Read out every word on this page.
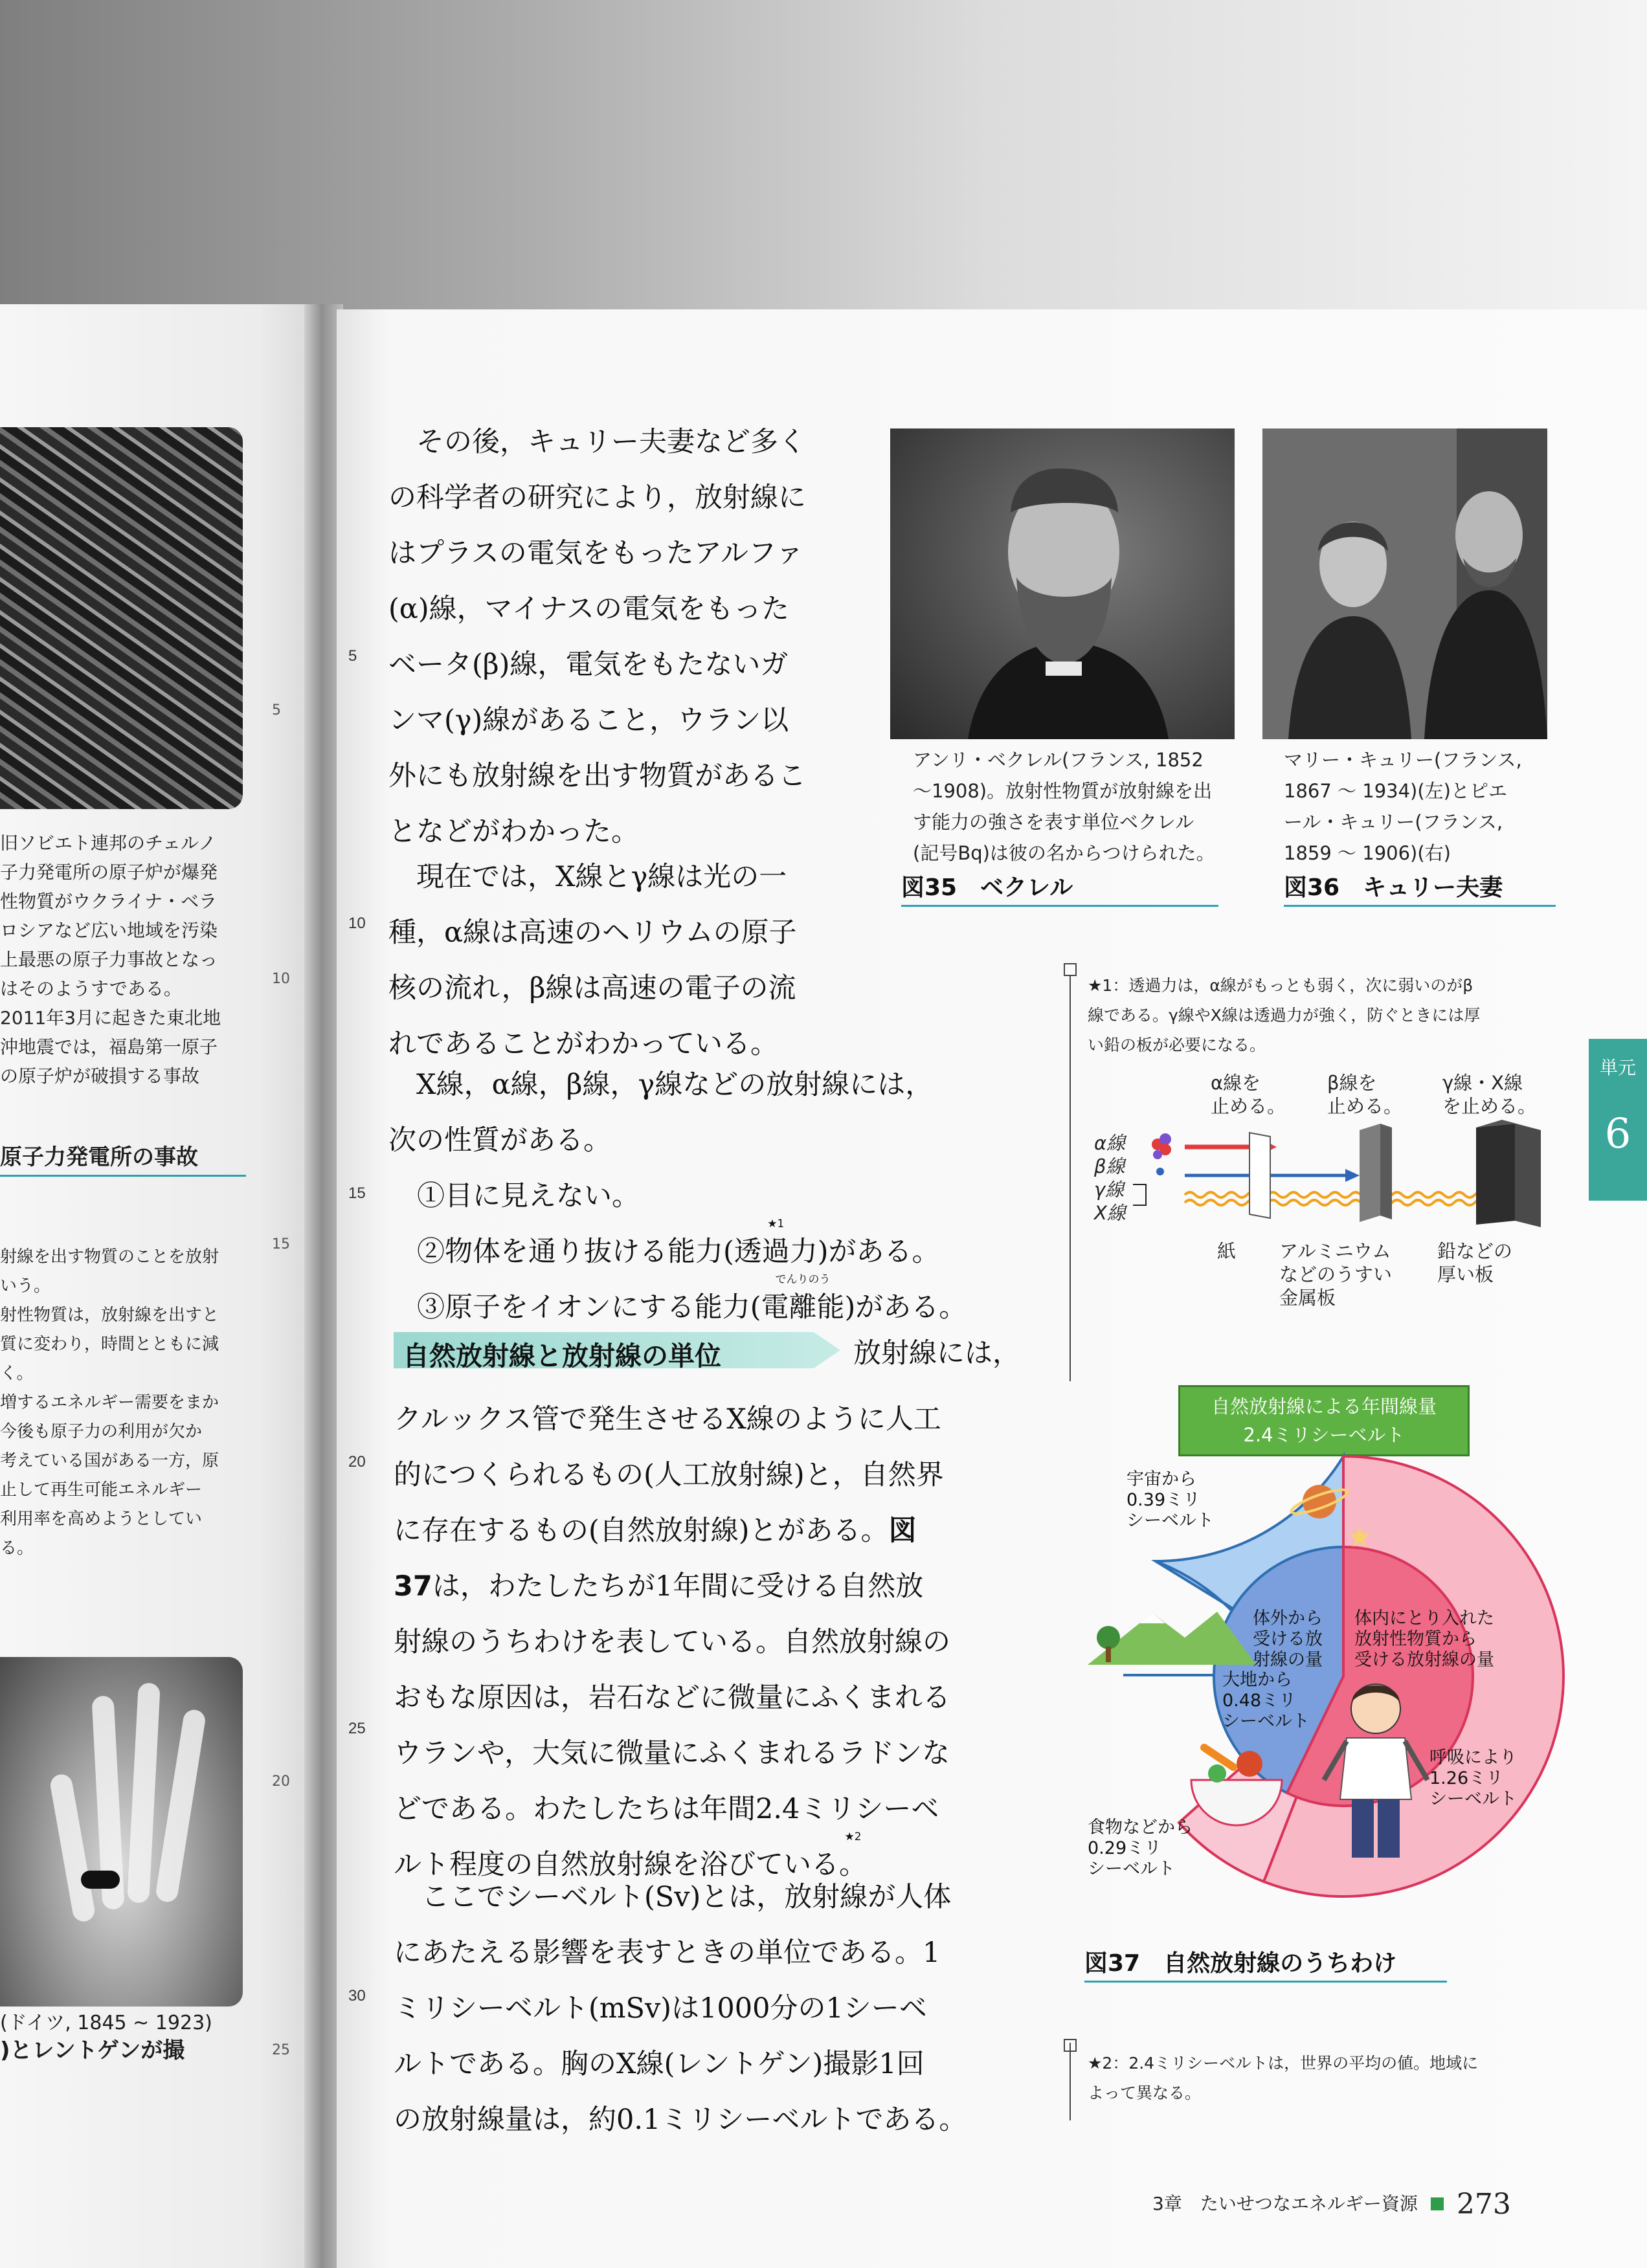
旧ソビエト連邦のチェルノ
子力発電所の原子炉が爆発
性物質がウクライナ・ベラ
ロシアなど広い地域を汚染
上最悪の原子力事故となっ
はそのようすである。
2011年3月に起きた東北地
沖地震では，福島第一原子
の原子炉が破損する事故
原子力発電所の事故
射線を出す物質のことを放射
いう。
射性物質は，放射線を出すと
質に変わり，時間とともに減
く。
増するエネルギー需要をまか
今後も原子力の利用が欠か
考えている国がある一方，原
止して再生可能エネルギー
利用率を高めようとしてい
る。
(ドイツ, 1845 ~ 1923)
)とレントゲンが撮
5
10
15
20
25
5
10
15
20
25
30
　その後，キュリー夫妻など多く
の科学者の研究により，放射線に
はプラスの電気をもったアルファ
(α)線，マイナスの電気をもった
ベータ(β)線，電気をもたないガ
ンマ(γ)線があること，ウラン以
外にも放射線を出す物質があるこ
となどがわかった。
　現在では，X線とγ線は光の一
種，α線は高速のヘリウムの原子
核の流れ，β線は高速の電子の流
れであることがわかっている。
　X線，α線，β線，γ線などの放射線には，
次の性質がある。
①目に見えない。
②物体を通り抜ける能力(
★1
透過力)がある。
③原子をイオンにする能力(
でんりのう
電離能)がある。
自然放射線と放射線の単位	放射線には，
クルックス管で発生させるX線のように人工
的につくられるもの(人工放射線)と，自然界
に存在するもの(自然放射線)とがある。図
37は，わたしたちが1年間に受ける自然放
射線のうちわけを表している。自然放射線の
おもな原因は，岩石などに微量にふくまれる
ウランや，大気に微量にふくまれるラドンな
どである。わたしたちは年間2.4ミリシーベ
ルト程度の自然放射線を浴びている
★2
。
　ここでシーベルト(Sv)とは，放射線が人体
にあたえる影響を表すときの単位である。1
ミリシーベルト(mSv)は1000分の1シーベ
ルトである。胸のX線(レントゲン)撮影1回
の放射線量は，約0.1ミリシーベルトである。
アンリ・ベクレル(フランス, 1852
～1908)。放射性物質が放射線を出
す能力の強さを表す単位ベクレル
(記号Bq)は彼の名からつけられた。
図35　ベクレル
マリー・キュリー(フランス,
1867 ～ 1934)(左)とピエ
ール・キュリー(フランス,
1859 ～ 1906)(右)
図36　キュリー夫妻
★1：透過力は，α線がもっとも弱く，次に弱いのがβ
線である。γ線やX線は透過力が強く，防ぐときには厚
い鉛の板が必要になる。
α線を
止める。
β線を
止める。
γ線・X線
を止める。
α線
β線
γ線
X線
紙 アルミニウム
などのうすい
金属板
鉛などの
厚い板
自然放射線による年間線量
2.4ミリシーベルト
宇宙から
0.39ミリ
シーベルト
大地から
0.48ミリ
シーベルト
食物などから
0.29ミリ
シーベルト
呼吸により
1.26ミリ
シーベルト
体外から
受ける放
射線の量
体内にとり入れた
放射性物質から
受ける放射線の量
図37　自然放射線のうちわけ
★2：2.4ミリシーベルトは，世界の平均の値。地域に
よって異なる。
単元
6
3章　たいせつなエネルギー資源 273
